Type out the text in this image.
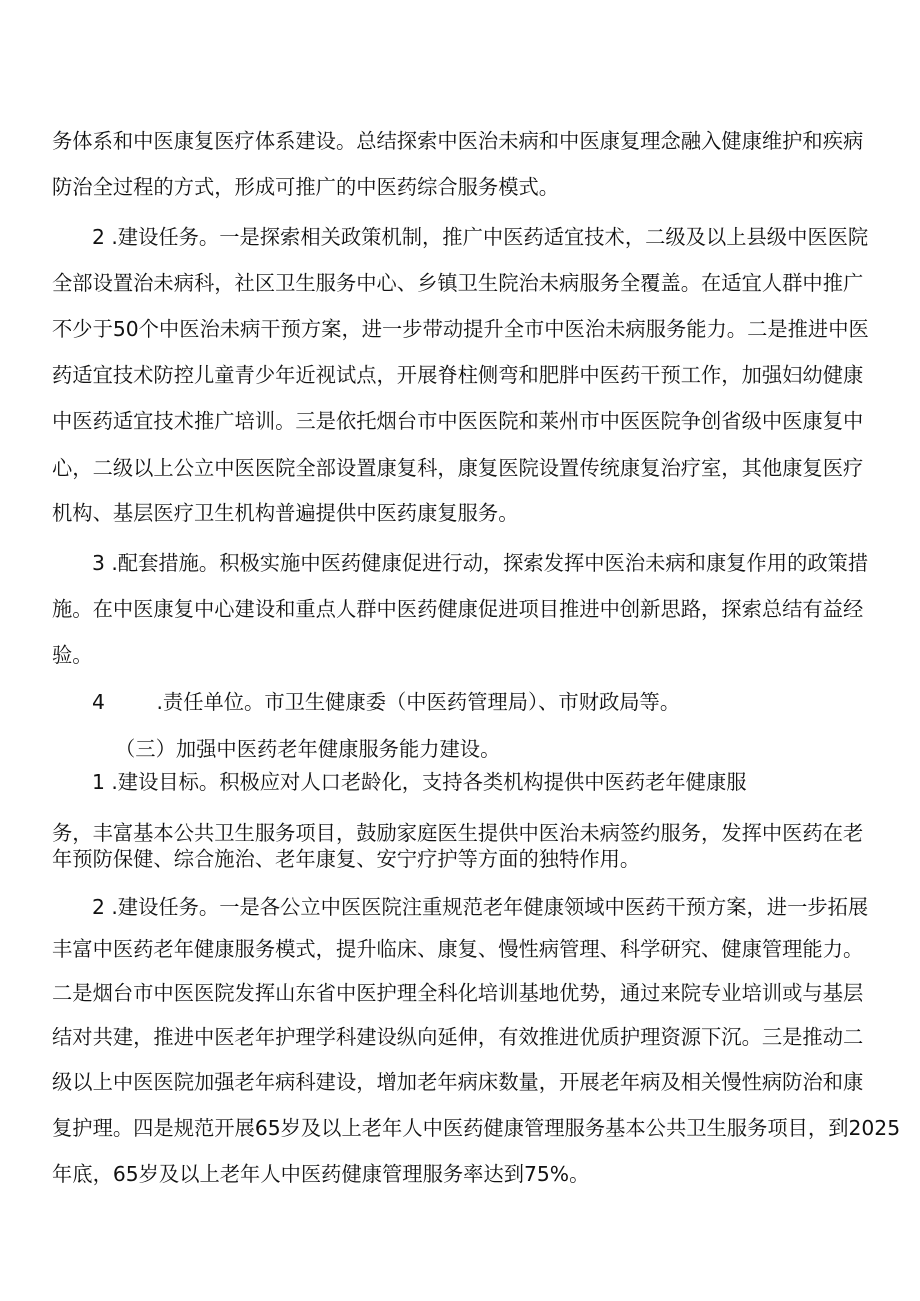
务体系和中医康复医疗体系建设。总结探索中医治未病和中医康复理念融入健康维护和疾病
防治全过程的方式，形成可推广的中医药综合服务模式。
2 .建设任务。一是探索相关政策机制，推广中医药适宜技术，二级及以上县级中医医院
全部设置治未病科，社区卫生服务中心、乡镇卫生院治未病服务全覆盖。在适宜人群中推广
不少于50个中医治未病干预方案，进一步带动提升全市中医治未病服务能力。二是推进中医
药适宜技术防控儿童青少年近视试点，开展脊柱侧弯和肥胖中医药干预工作，加强妇幼健康
中医药适宜技术推广培训。三是依托烟台市中医医院和莱州市中医医院争创省级中医康复中
心，二级以上公立中医医院全部设置康复科，康复医院设置传统康复治疗室，其他康复医疗
机构、基层医疗卫生机构普遍提供中医药康复服务。
3 .配套措施。积极实施中医药健康促进行动，探索发挥中医治未病和康复作用的政策措
施。在中医康复中心建设和重点人群中医药健康促进项目推进中创新思路，探索总结有益经
验。
4        .责任单位。市卫生健康委（中医药管理局）、市财政局等。
（三）加强中医药老年健康服务能力建设。
1 .建设目标。积极应对人口老龄化，支持各类机构提供中医药老年健康服
务，丰富基本公共卫生服务项目，鼓励家庭医生提供中医治未病签约服务，发挥中医药在老
年预防保健、综合施治、老年康复、安宁疗护等方面的独特作用。
2 .建设任务。一是各公立中医医院注重规范老年健康领域中医药干预方案，进一步拓展
丰富中医药老年健康服务模式，提升临床、康复、慢性病管理、科学研究、健康管理能力。
二是烟台市中医医院发挥山东省中医护理全科化培训基地优势，通过来院专业培训或与基层
结对共建，推进中医老年护理学科建设纵向延伸，有效推进优质护理资源下沉。三是推动二
级以上中医医院加强老年病科建设，增加老年病床数量，开展老年病及相关慢性病防治和康
复护理。四是规范开展65岁及以上老年人中医药健康管理服务基本公共卫生服务项目，到2025
年底，65岁及以上老年人中医药健康管理服务率达到75%。
